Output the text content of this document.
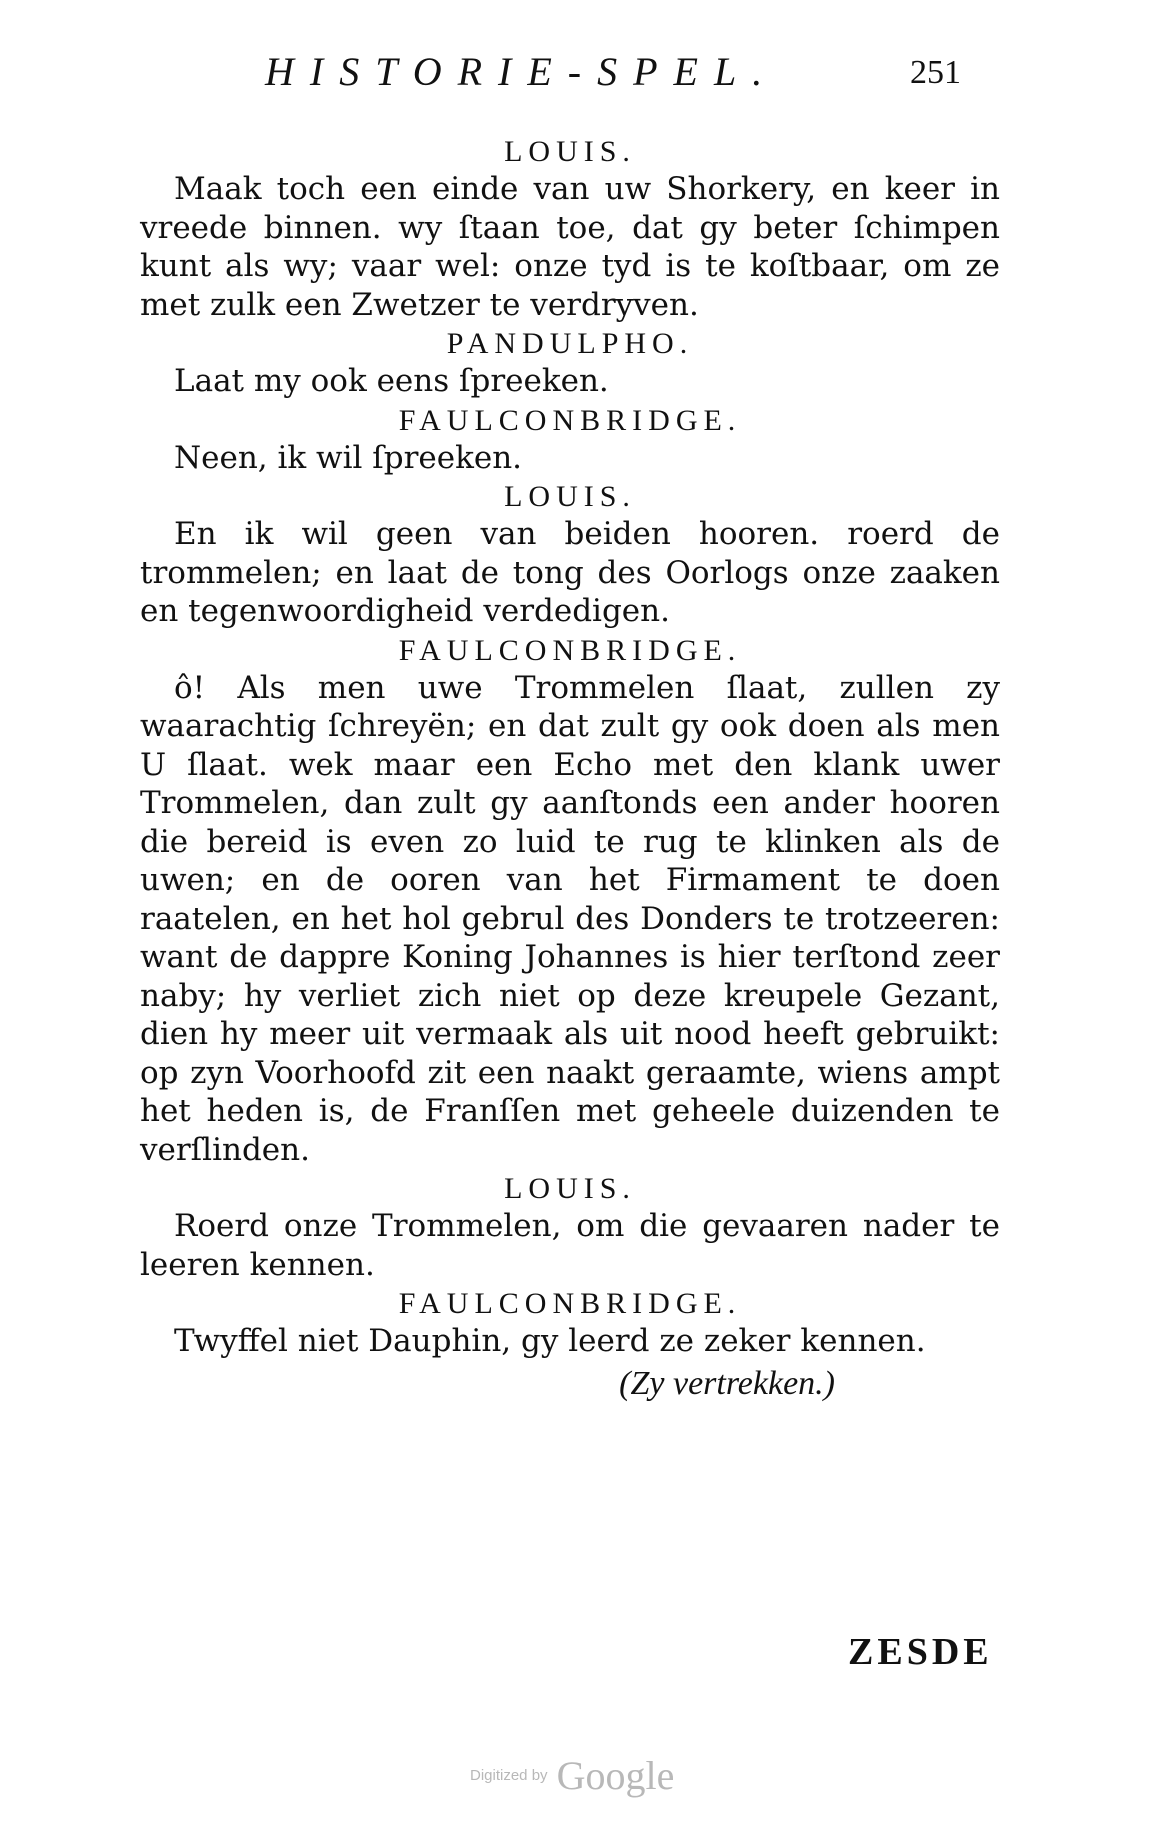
HISTORIE-SPEL.	251
LOUIS.

Maak toch een einde van uw Shorkery, en keer in vreede binnen. wy ſtaan toe, dat gy beter ſchimpen kunt als wy; vaar wel: onze tyd is te koſtbaar, om ze met zulk een Zwetzer te verdryven.

PANDULPHO.

Laat my ook eens ſpreeken.

FAULCONBRIDGE.

Neen, ik wil ſpreeken.

LOUIS.

En ik wil geen van beiden hooren. roerd de trommelen; en laat de tong des Oorlogs onze zaaken en tegenwoordigheid verdedigen.

FAULCONBRIDGE.

ô! Als men uwe Trommelen ſlaat, zullen zy waarachtig ſchreyën; en dat zult gy ook doen als men U ſlaat. wek maar een Echo met den klank uwer Trommelen, dan zult gy aanſtonds een ander hooren die bereid is even zo luid te rug te klinken als de uwen; en de ooren van het Firmament te doen raatelen, en het hol gebrul des Donders te trotzeeren: want de dappre Koning Johannes is hier terſtond zeer naby; hy verliet zich niet op deze kreupele Gezant, dien hy meer uit vermaak als uit nood heeft gebruikt: op zyn Voorhoofd zit een naakt geraamte, wiens ampt het heden is, de Franſſen met geheele duizenden te verſlinden.

LOUIS.

Roerd onze Trommelen, om die gevaaren nader te leeren kennen.

FAULCONBRIDGE.

Twyffel niet Dauphin, gy leerd ze zeker kennen.

(Zy vertrekken.)
ZESDE
Digitized by Google
